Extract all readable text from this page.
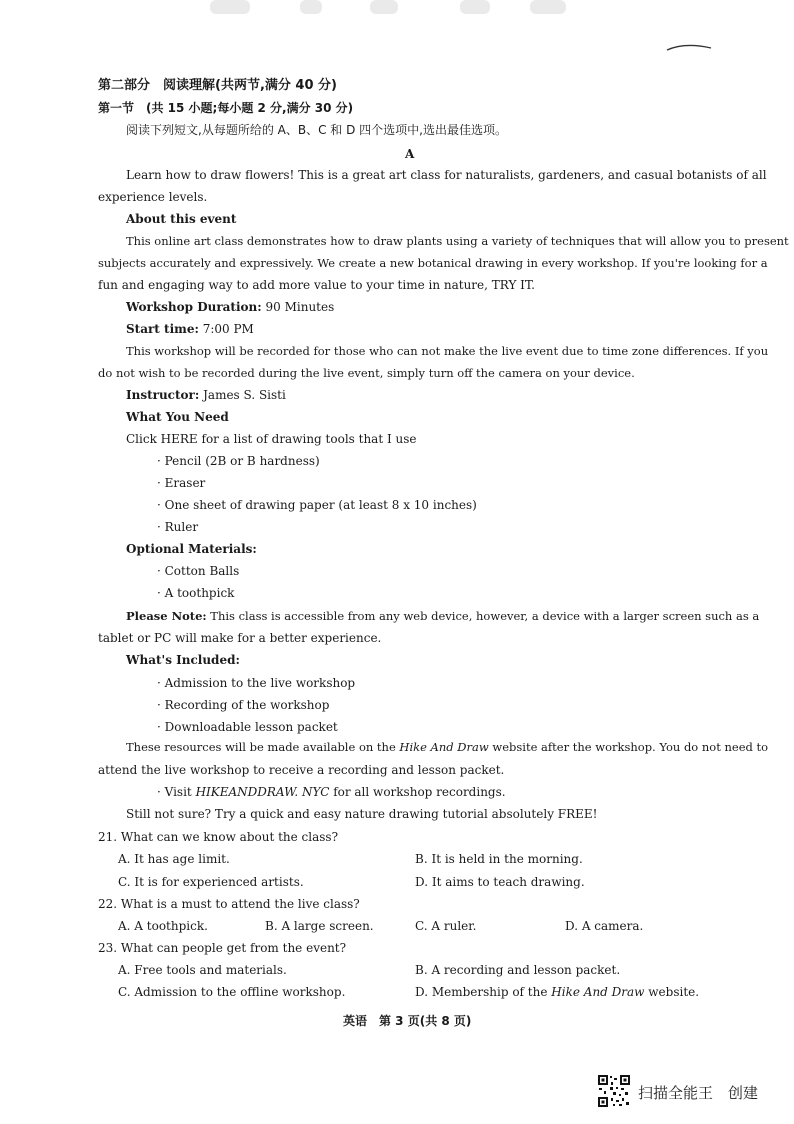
第二部分　阅读理解(共两节,满分 40 分)
第一节　(共 15 小题;每小题 2 分,满分 30 分)
阅读下列短文,从每题所给的 A、B、C 和 D 四个选项中,选出最佳选项。
A
Learn how to draw flowers! This is a great art class for naturalists, gardeners, and casual botanists of all
experience levels.
About this event
This online art class demonstrates how to draw plants using a variety of techniques that will allow you to present
subjects accurately and expressively. We create a new botanical drawing in every workshop. If you're looking for a
fun and engaging way to add more value to your time in nature, TRY IT.
Workshop Duration: 90 Minutes
Start time: 7:00 PM
This workshop will be recorded for those who can not make the live event due to time zone differences. If you
do not wish to be recorded during the live event, simply turn off the camera on your device.
Instructor: James S. Sisti
What You Need
Click HERE for a list of drawing tools that I use
· Pencil (2B or B hardness)
· Eraser
· One sheet of drawing paper (at least 8 x 10 inches)
· Ruler
Optional Materials:
· Cotton Balls
· A toothpick
Please Note: This class is accessible from any web device, however, a device with a larger screen such as a
tablet or PC will make for a better experience.
What's Included:
· Admission to the live workshop
· Recording of the workshop
· Downloadable lesson packet
These resources will be made available on the Hike And Draw website after the workshop. You do not need to
attend the live workshop to receive a recording and lesson packet.
· Visit HIKEANDDRAW. NYC for all workshop recordings.
Still not sure? Try a quick and easy nature drawing tutorial absolutely FREE!
21. What can we know about the class?
A. It has age limit.	B. It is held in the morning.
C. It is for experienced artists.	D. It aims to teach drawing.
22. What is a must to attend the live class?
A. A toothpick.	B. A large screen.	C. A ruler.	D. A camera.
23. What can people get from the event?
A. Free tools and materials.	B. A recording and lesson packet.
C. Admission to the offline workshop.	D. Membership of the Hike And Draw website.
英语　第 3 页(共 8 页)
扫描全能王　创建
